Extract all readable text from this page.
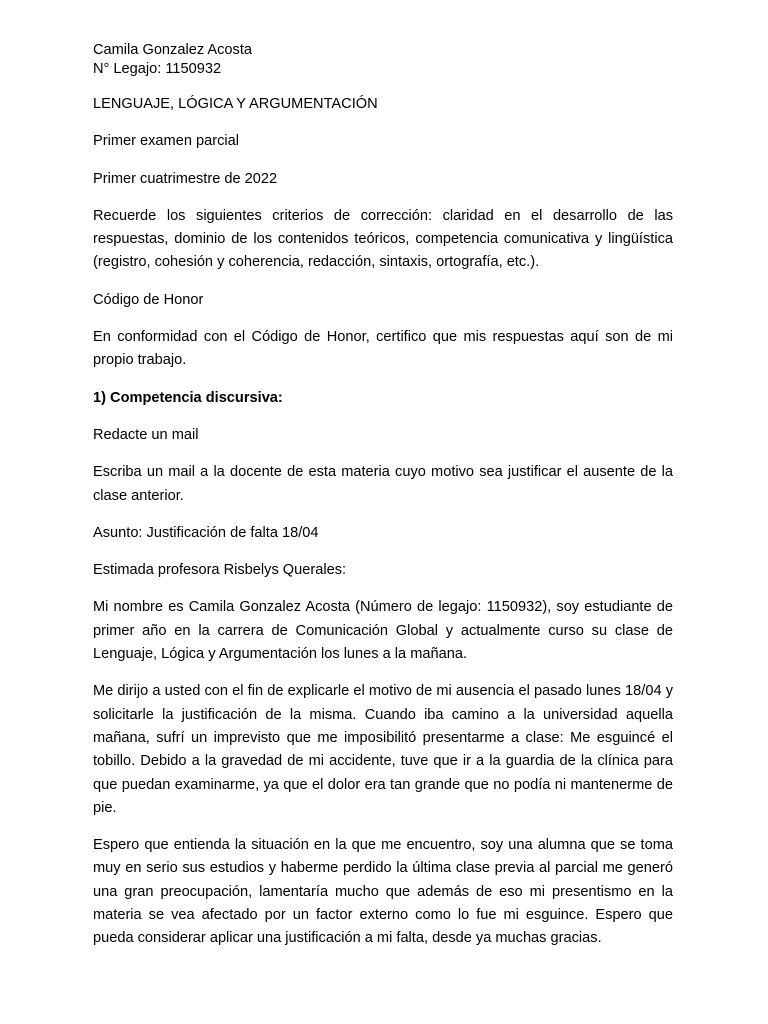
Camila Gonzalez Acosta
N° Legajo: 1150932

LENGUAJE, LÓGICA Y ARGUMENTACIÓN

Primer examen parcial

Primer cuatrimestre de 2022

Recuerde los siguientes criterios de corrección: claridad en el desarrollo de las respuestas, dominio de los contenidos teóricos, competencia comunicativa y lingüística (registro, cohesión y coherencia, redacción, sintaxis, ortografía, etc.).

Código de Honor

En conformidad con el Código de Honor, certifico que mis respuestas aquí son de mi propio trabajo.

1) Competencia discursiva:

Redacte un mail

Escriba un mail a la docente de esta materia cuyo motivo sea justificar el ausente de la clase anterior.

Asunto: Justificación de falta 18/04

Estimada profesora Risbelys Querales:

Mi nombre es Camila Gonzalez Acosta (Número de legajo: 1150932), soy estudiante de primer año en la carrera de Comunicación Global y actualmente curso su clase de Lenguaje, Lógica y Argumentación los lunes a la mañana.

Me dirijo a usted con el fin de explicarle el motivo de mi ausencia el pasado lunes 18/04 y solicitarle la justificación de la misma. Cuando iba camino a la universidad aquella mañana, sufrí un imprevisto que me imposibilitó presentarme a clase: Me esguincé el tobillo. Debido a la gravedad de mi accidente, tuve que ir a la guardia de la clínica para que puedan examinarme, ya que el dolor era tan grande que no podía ni mantenerme de pie.

Espero que entienda la situación en la que me encuentro, soy una alumna que se toma muy en serio sus estudios y haberme perdido la última clase previa al parcial me generó una gran preocupación, lamentaría mucho que además de eso mi presentismo en la materia se vea afectado por un factor externo como lo fue mi esguince. Espero que pueda considerar aplicar una justificación a mi falta, desde ya muchas gracias.
